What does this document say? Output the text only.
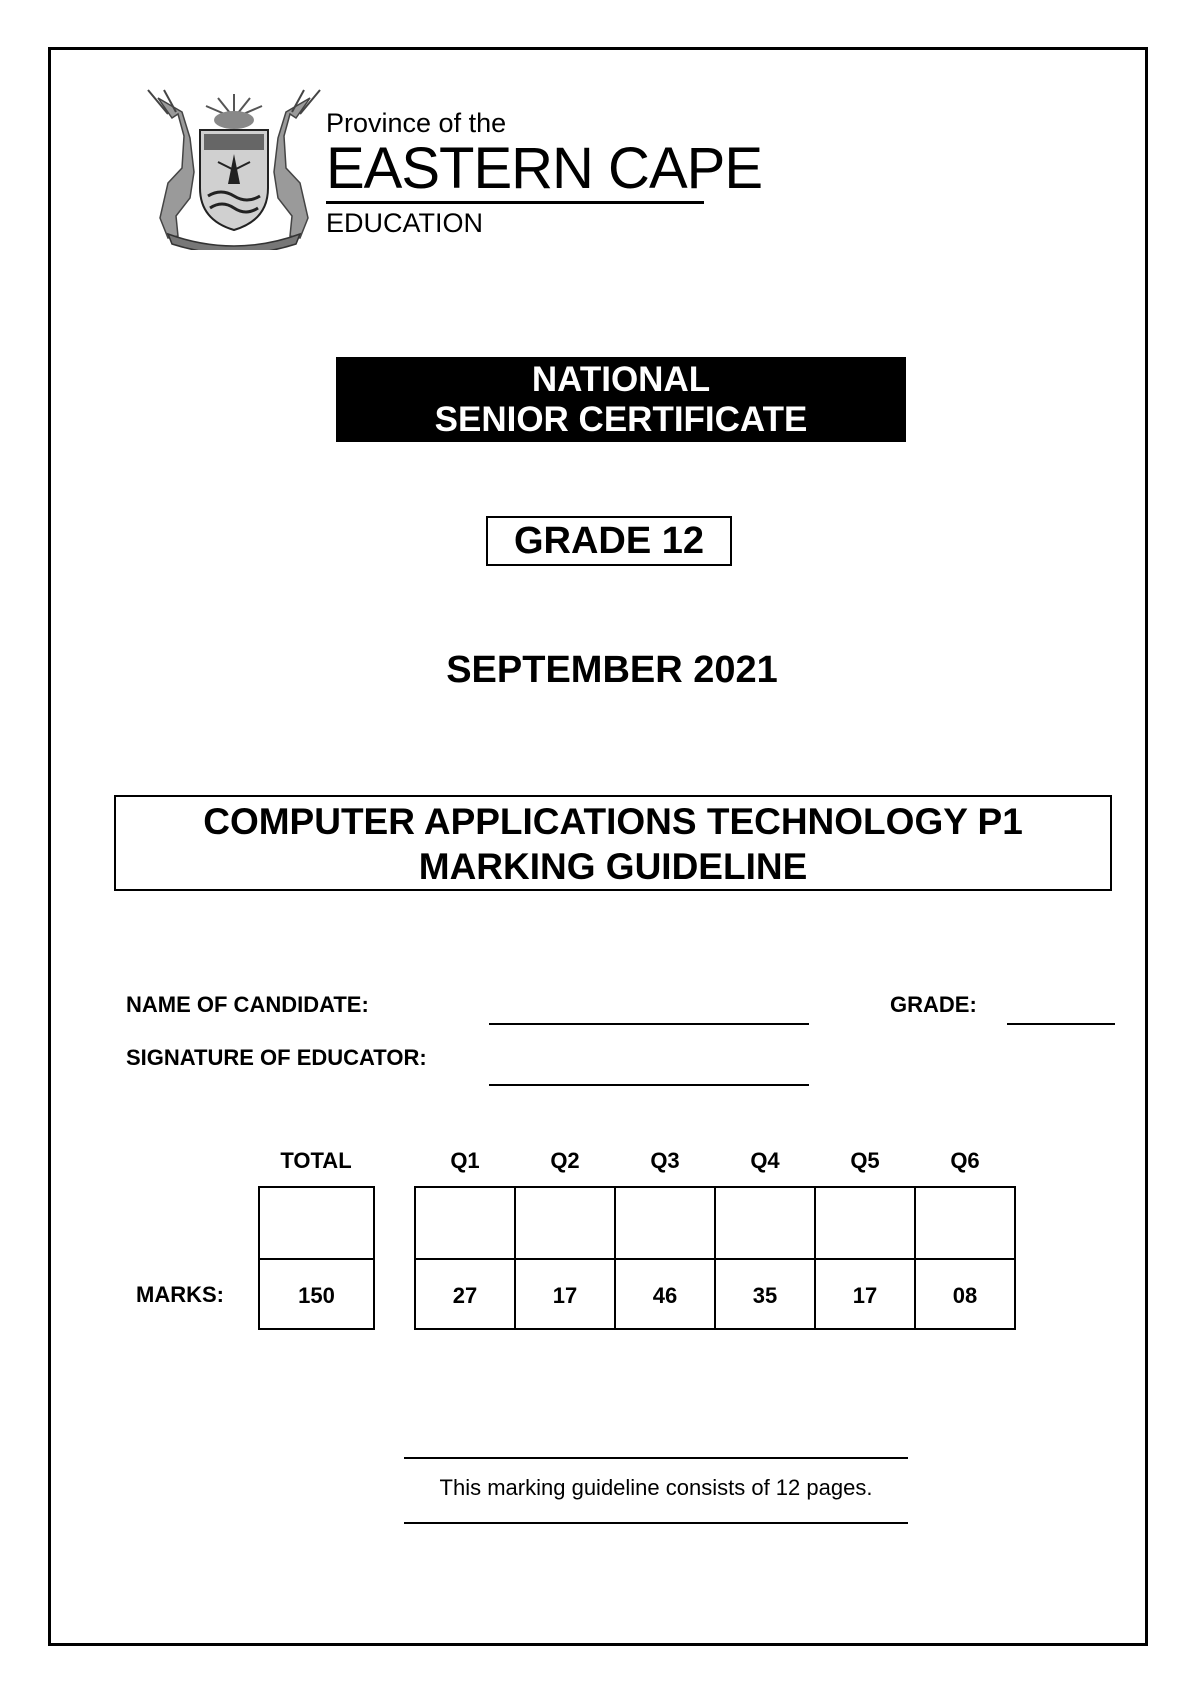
Province of the
EASTERN CAPE
EDUCATION
NATIONAL
SENIOR CERTIFICATE
GRADE 12
SEPTEMBER 2021
COMPUTER APPLICATIONS TECHNOLOGY P1
MARKING GUIDELINE
NAME OF CANDIDATE:	GRADE:
SIGNATURE OF EDUCATOR:
TOTAL	Q1	Q2	Q3	Q4	Q5	Q6
MARKS:	150	27	17	46	35	17	08
This marking guideline consists of 12 pages.
